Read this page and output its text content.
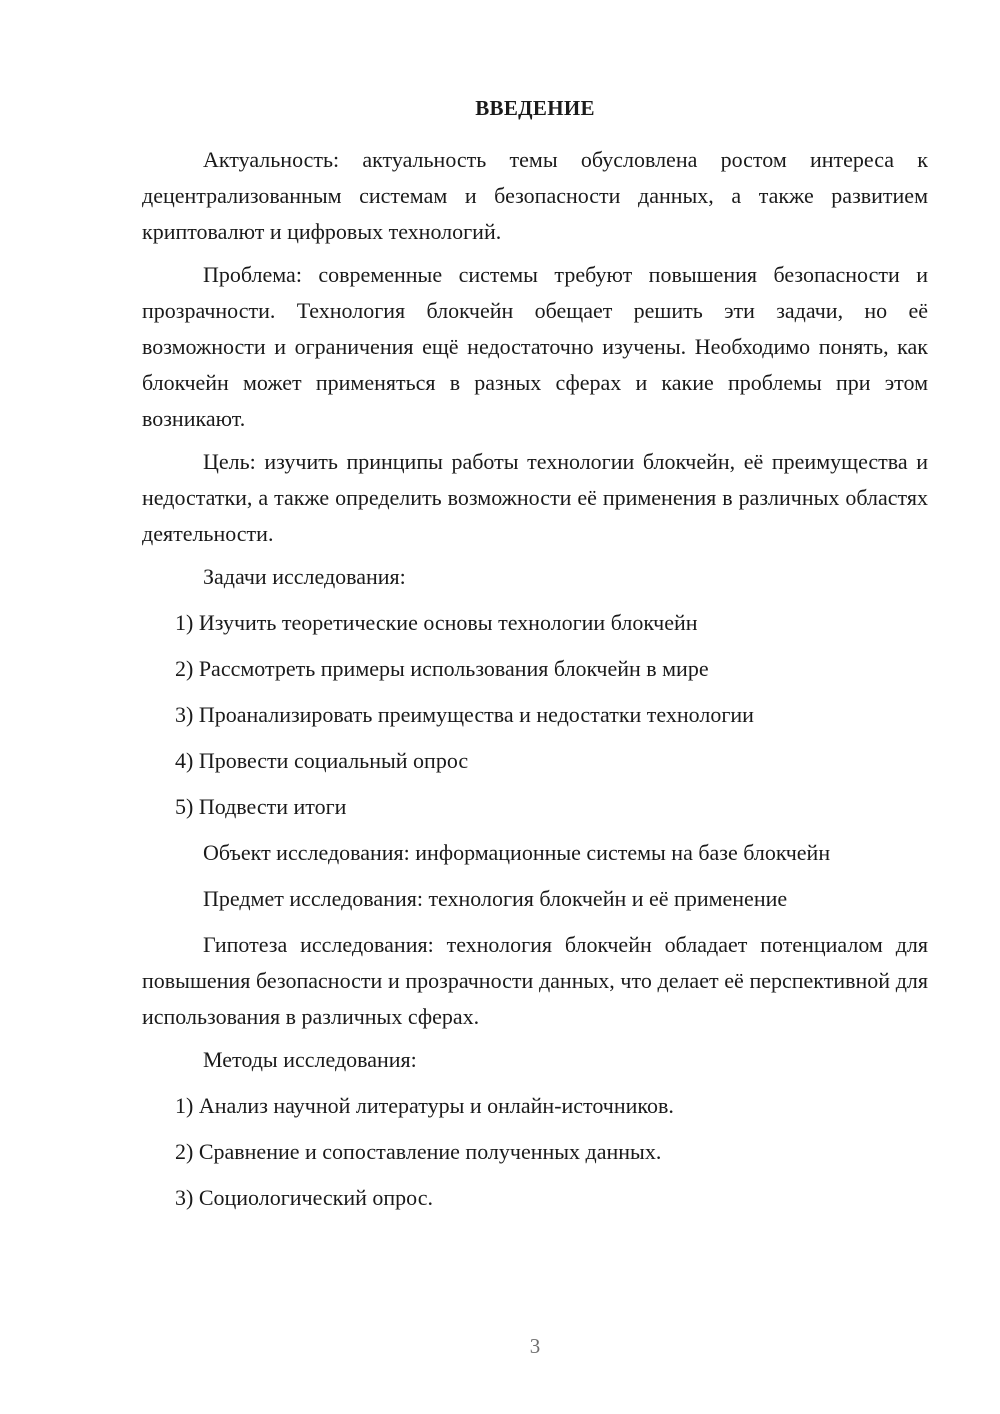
ВВЕДЕНИЕ

Актуальность: актуальность темы обусловлена ростом интереса к децентрализованным системам и безопасности данных, а также развитием криптовалют и цифровых технологий.

Проблема: современные системы требуют повышения безопасности и прозрачности. Технология блокчейн обещает решить эти задачи, но её возможности и ограничения ещё недостаточно изучены. Необходимо понять, как блокчейн может применяться в разных сферах и какие проблемы при этом возникают.

Цель: изучить принципы работы технологии блокчейн, её преимущества и недостатки, а также определить возможности её применения в различных областях деятельности.

Задачи исследования:

1) Изучить теоретические основы технологии блокчейн
2) Рассмотреть примеры использования блокчейн в мире
3) Проанализировать преимущества и недостатки технологии
4) Провести социальный опрос
5) Подвести итоги

Объект исследования: информационные системы на базе блокчейн

Предмет исследования: технология блокчейн и её применение

Гипотеза исследования: технология блокчейн обладает потенциалом для повышения безопасности и прозрачности данных, что делает её перспективной для использования в различных сферах.

Методы исследования:

1) Анализ научной литературы и онлайн-источников.
2) Сравнение и сопоставление полученных данных.
3) Социологический опрос.
3
